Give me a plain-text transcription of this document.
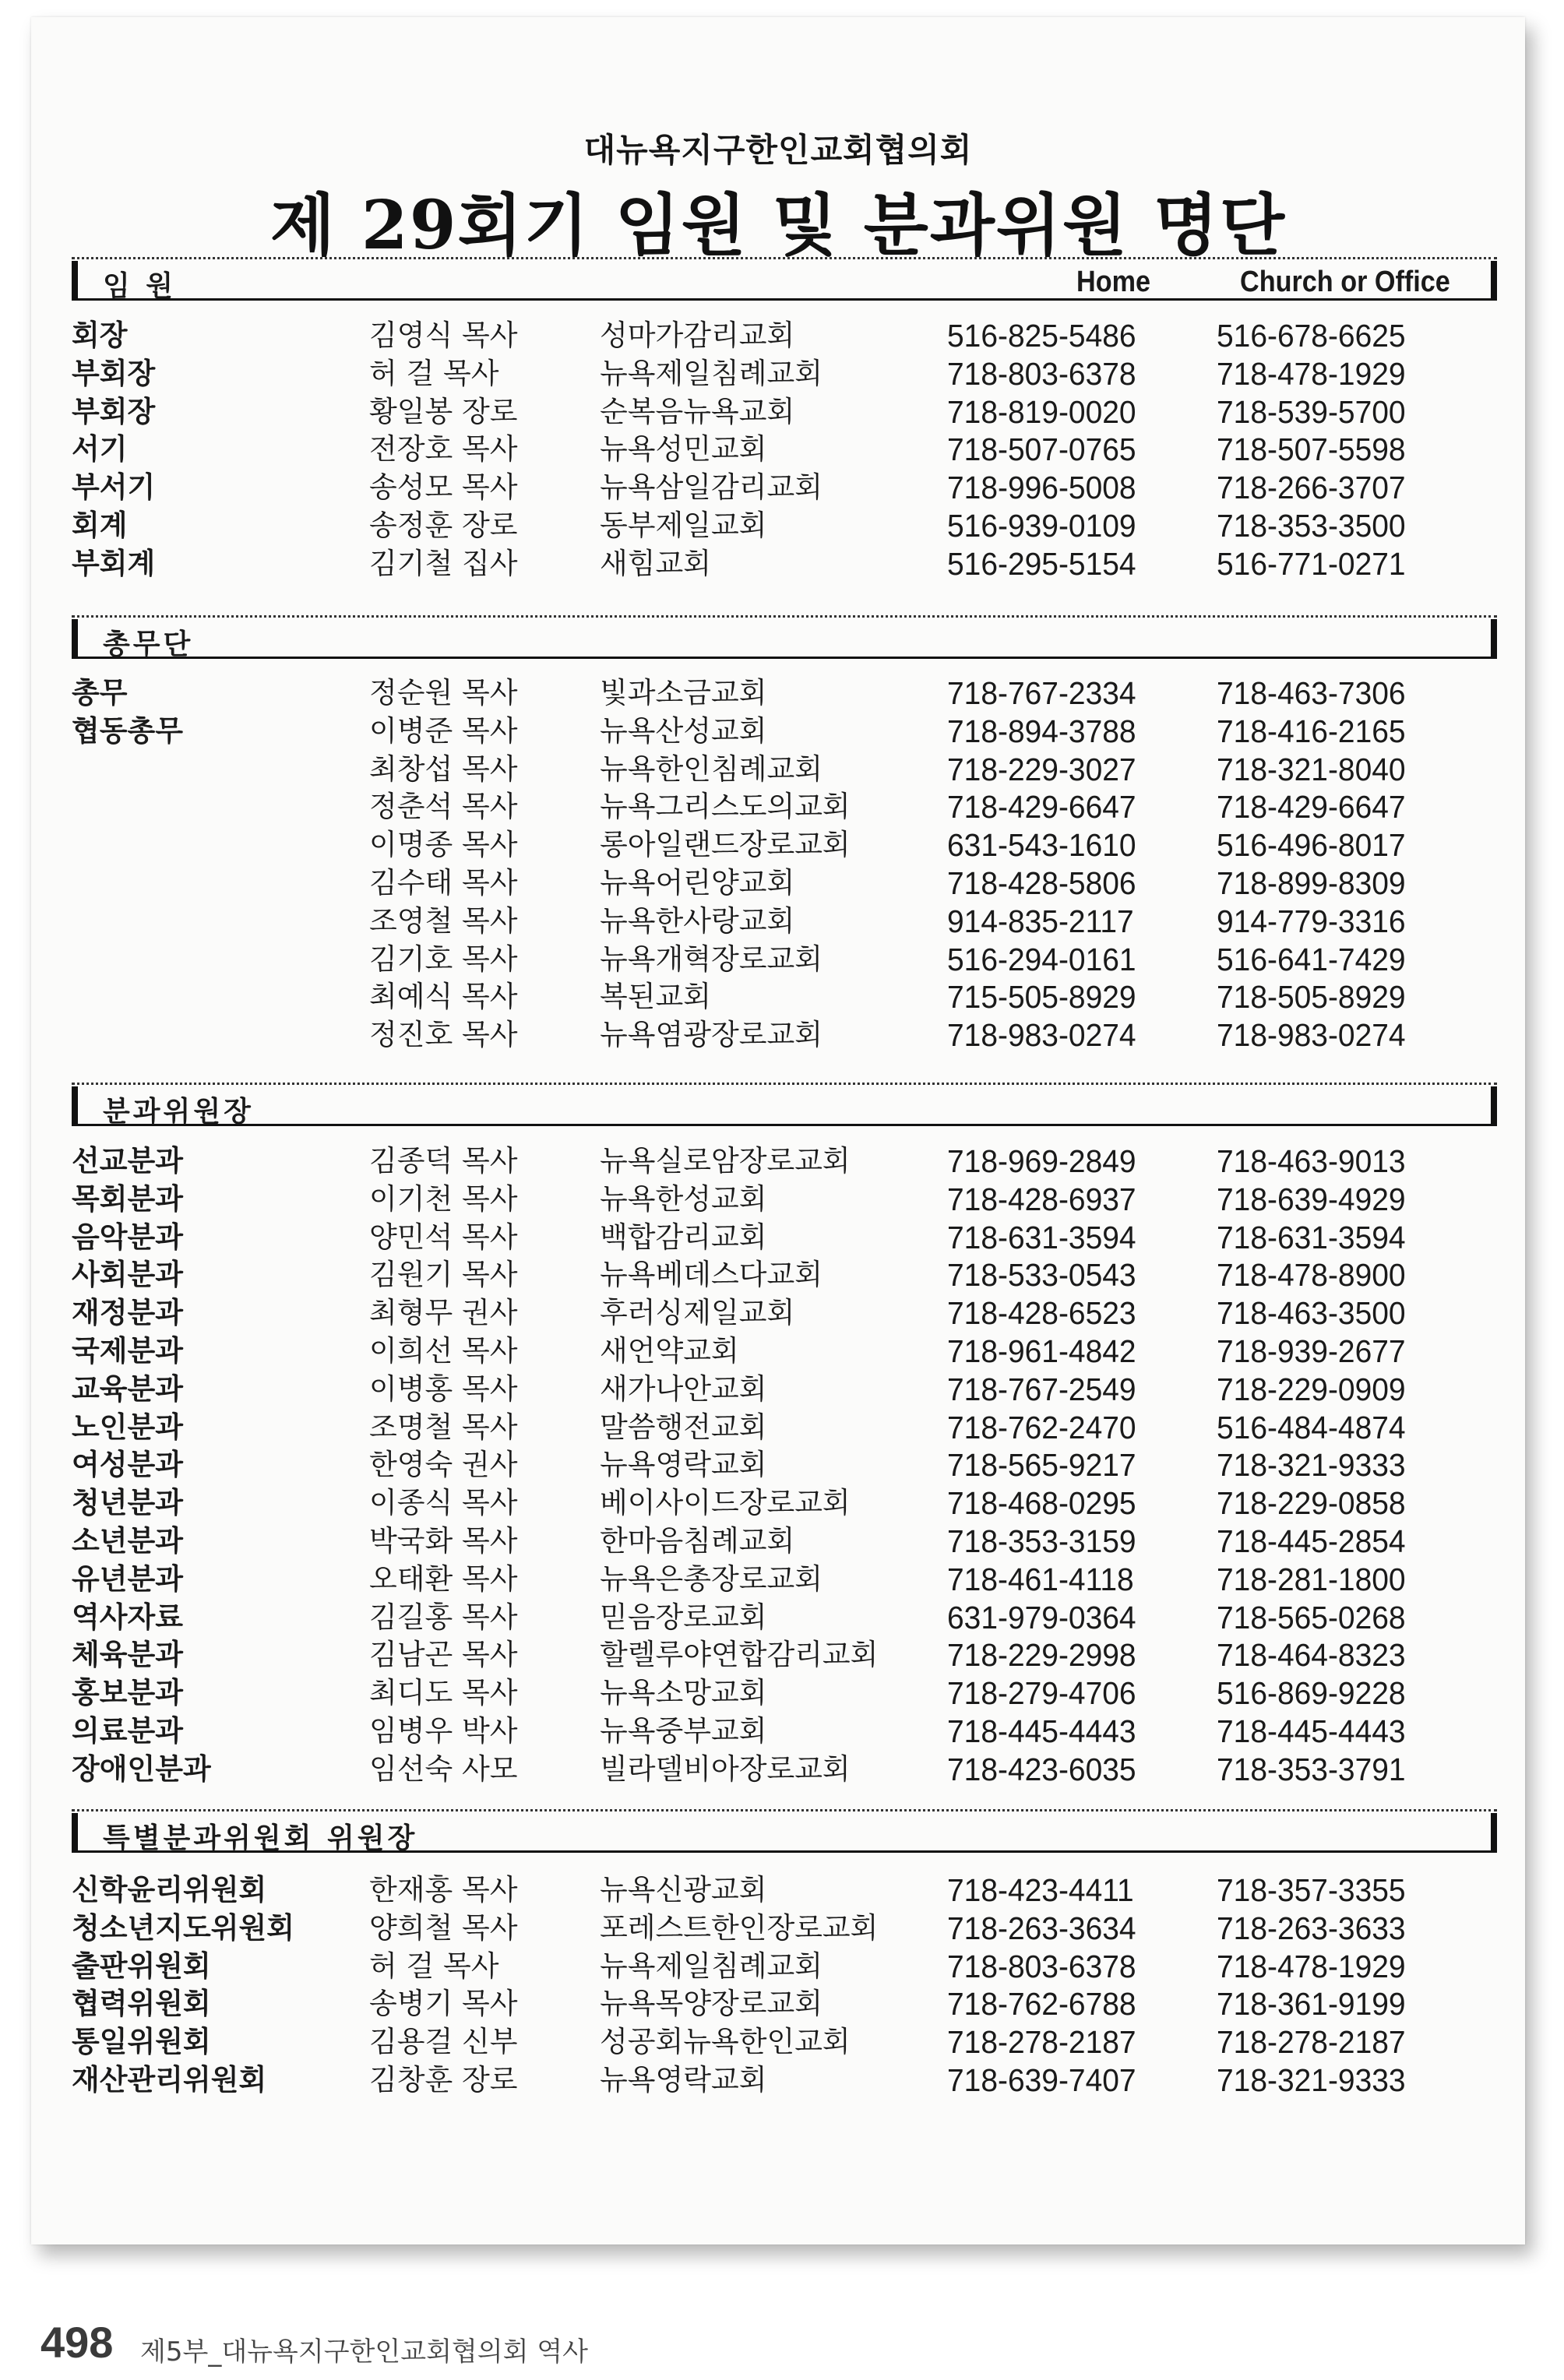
대뉴욕지구한인교회협의회
제 29회기 임원 및 분과위원 명단
임 원	Home	Church or Office
회장	김영식 목사	성마가감리교회	516-825-5486	516-678-6625
부회장	허 걸 목사	뉴욕제일침례교회	718-803-6378	718-478-1929
부회장	황일봉 장로	순복음뉴욕교회	718-819-0020	718-539-5700
서기	전장호 목사	뉴욕성민교회	718-507-0765	718-507-5598
부서기	송성모 목사	뉴욕삼일감리교회	718-996-5008	718-266-3707
회계	송정훈 장로	동부제일교회	516-939-0109	718-353-3500
부회계	김기철 집사	새힘교회	516-295-5154	516-771-0271
총무단
총무	정순원 목사	빛과소금교회	718-767-2334	718-463-7306
협동총무	이병준 목사	뉴욕산성교회	718-894-3788	718-416-2165
최창섭 목사	뉴욕한인침례교회	718-229-3027	718-321-8040
정춘석 목사	뉴욕그리스도의교회	718-429-6647	718-429-6647
이명종 목사	롱아일랜드장로교회	631-543-1610	516-496-8017
김수태 목사	뉴욕어린양교회	718-428-5806	718-899-8309
조영철 목사	뉴욕한사랑교회	914-835-2117	914-779-3316
김기호 목사	뉴욕개혁장로교회	516-294-0161	516-641-7429
최예식 목사	복된교회	715-505-8929	718-505-8929
정진호 목사	뉴욕염광장로교회	718-983-0274	718-983-0274
분과위원장
선교분과	김종덕 목사	뉴욕실로암장로교회	718-969-2849	718-463-9013
목회분과	이기천 목사	뉴욕한성교회	718-428-6937	718-639-4929
음악분과	양민석 목사	백합감리교회	718-631-3594	718-631-3594
사회분과	김원기 목사	뉴욕베데스다교회	718-533-0543	718-478-8900
재정분과	최형무 권사	후러싱제일교회	718-428-6523	718-463-3500
국제분과	이희선 목사	새언약교회	718-961-4842	718-939-2677
교육분과	이병홍 목사	새가나안교회	718-767-2549	718-229-0909
노인분과	조명철 목사	말씀행전교회	718-762-2470	516-484-4874
여성분과	한영숙 권사	뉴욕영락교회	718-565-9217	718-321-9333
청년분과	이종식 목사	베이사이드장로교회	718-468-0295	718-229-0858
소년분과	박국화 목사	한마음침례교회	718-353-3159	718-445-2854
유년분과	오태환 목사	뉴욕은총장로교회	718-461-4118	718-281-1800
역사자료	김길홍 목사	믿음장로교회	631-979-0364	718-565-0268
체육분과	김남곤 목사	할렐루야연합감리교회 718-229-2998	718-464-8323
홍보분과	최디도 목사	뉴욕소망교회	718-279-4706	516-869-9228
의료분과	임병우 박사	뉴욕중부교회	718-445-4443	718-445-4443
장애인분과	임선숙 사모	빌라델비아장로교회	718-423-6035	718-353-3791
특별분과위원회 위원장
신학윤리위원회	한재홍 목사	뉴욕신광교회	718-423-4411	718-357-3355
청소년지도위원회	양희철 목사	포레스트한인장로교회 718-263-3634	718-263-3633
출판위원회	허 걸 목사	뉴욕제일침례교회	718-803-6378	718-478-1929
협력위원회	송병기 목사	뉴욕목양장로교회	718-762-6788	718-361-9199
통일위원회	김용걸 신부	성공회뉴욕한인교회	718-278-2187	718-278-2187
재산관리위원회	김창훈 장로	뉴욕영락교회	718-639-7407	718-321-9333
498 제5부_대뉴욕지구한인교회협의회 역사
